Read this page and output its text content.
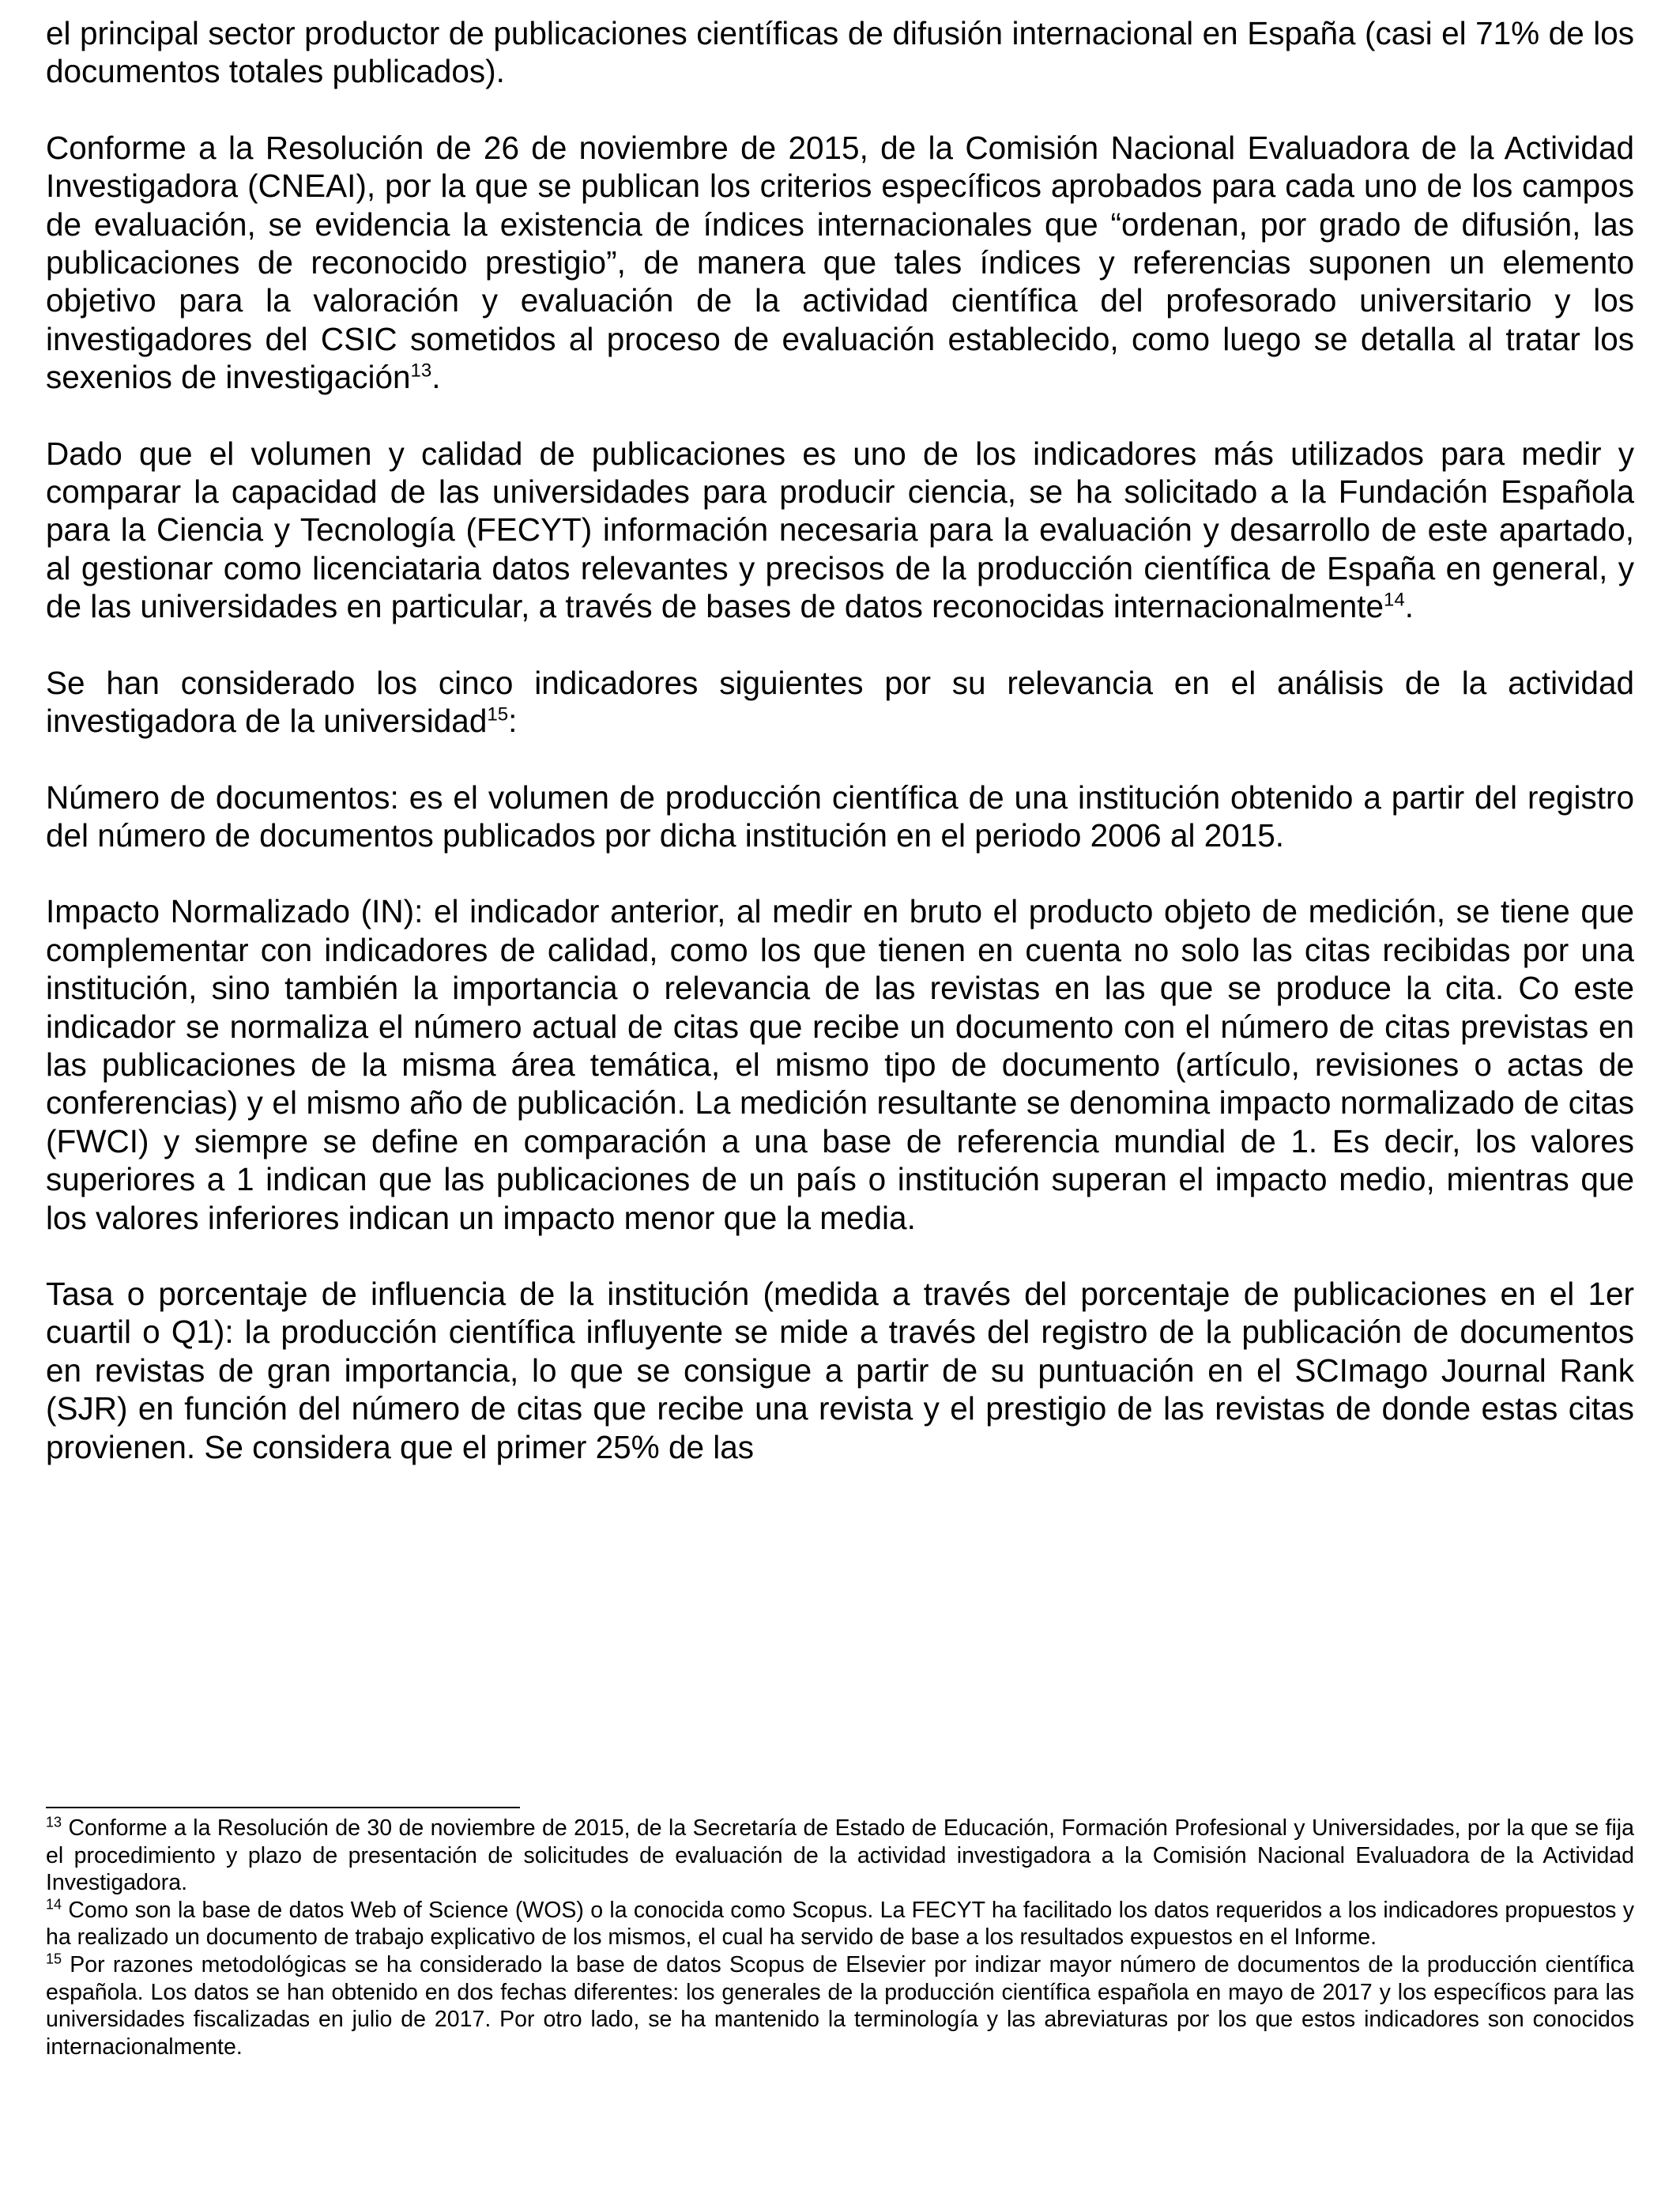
el principal sector productor de publicaciones científicas de difusión internacional en España (casi el 71% de los documentos totales publicados).

Conforme a la Resolución de 26 de noviembre de 2015, de la Comisión Nacional Evaluadora de la Actividad Investigadora (CNEAI), por la que se publican los criterios específicos aprobados para cada uno de los campos de evaluación, se evidencia la existencia de índices internacionales que “ordenan, por grado de difusión, las publicaciones de reconocido prestigio”, de manera que tales índices y referencias suponen un elemento objetivo para la valoración y evaluación de la actividad científica del profesorado universitario y los investigadores del CSIC sometidos al proceso de evaluación establecido, como luego se detalla al tratar los sexenios de investigación$^{13}$.

Dado que el volumen y calidad de publicaciones es uno de los indicadores más utilizados para medir y comparar la capacidad de las universidades para producir ciencia, se ha solicitado a la Fundación Española para la Ciencia y Tecnología (FECYT) información necesaria para la evaluación y desarrollo de este apartado, al gestionar como licenciataria datos relevantes y precisos de la producción científica de España en general, y de las universidades en particular, a través de bases de datos reconocidas internacionalmente$^{14}$.

Se han considerado los cinco indicadores siguientes por su relevancia en el análisis de la actividad investigadora de la universidad$^{15}$:

Número de documentos: es el volumen de producción científica de una institución obtenido a partir del registro del número de documentos publicados por dicha institución en el periodo 2006 al 2015.

Impacto Normalizado (IN): el indicador anterior, al medir en bruto el producto objeto de medición, se tiene que complementar con indicadores de calidad, como los que tienen en cuenta no solo las citas recibidas por una institución, sino también la importancia o relevancia de las revistas en las que se produce la cita. Co este indicador se normaliza el número actual de citas que recibe un documento con el número de citas previstas en las publicaciones de la misma área temática, el mismo tipo de documento (artículo, revisiones o actas de conferencias) y el mismo año de publicación. La medición resultante se denomina impacto normalizado de citas (FWCI) y siempre se define en comparación a una base de referencia mundial de 1. Es decir, los valores superiores a 1 indican que las publicaciones de un país o institución superan el impacto medio, mientras que los valores inferiores indican un impacto menor que la media.

Tasa o porcentaje de influencia de la institución (medida a través del porcentaje de publicaciones en el 1er cuartil o Q1): la producción científica influyente se mide a través del registro de la publicación de documentos en revistas de gran importancia, lo que se consigue a partir de su puntuación en el SCImago Journal Rank (SJR) en función del número de citas que recibe una revista y el prestigio de las revistas de donde estas citas provienen. Se considera que el primer 25% de las

$^{13}$ Conforme a la Resolución de 30 de noviembre de 2015, de la Secretaría de Estado de Educación, Formación Profesional y Universidades, por la que se fija el procedimiento y plazo de presentación de solicitudes de evaluación de la actividad investigadora a la Comisión Nacional Evaluadora de la Actividad Investigadora.

$^{14}$ Como son la base de datos Web of Science (WOS) o la conocida como Scopus. La FECYT ha facilitado los datos requeridos a los indicadores propuestos y ha realizado un documento de trabajo explicativo de los mismos, el cual ha servido de base a los resultados expuestos en el Informe.

$^{15}$ Por razones metodológicas se ha considerado la base de datos Scopus de Elsevier por indizar mayor número de documentos de la producción científica española. Los datos se han obtenido en dos fechas diferentes: los generales de la producción científica española en mayo de 2017 y los específicos para las universidades fiscalizadas en julio de 2017. Por otro lado, se ha mantenido la terminología y las abreviaturas por los que estos indicadores son conocidos internacionalmente.
